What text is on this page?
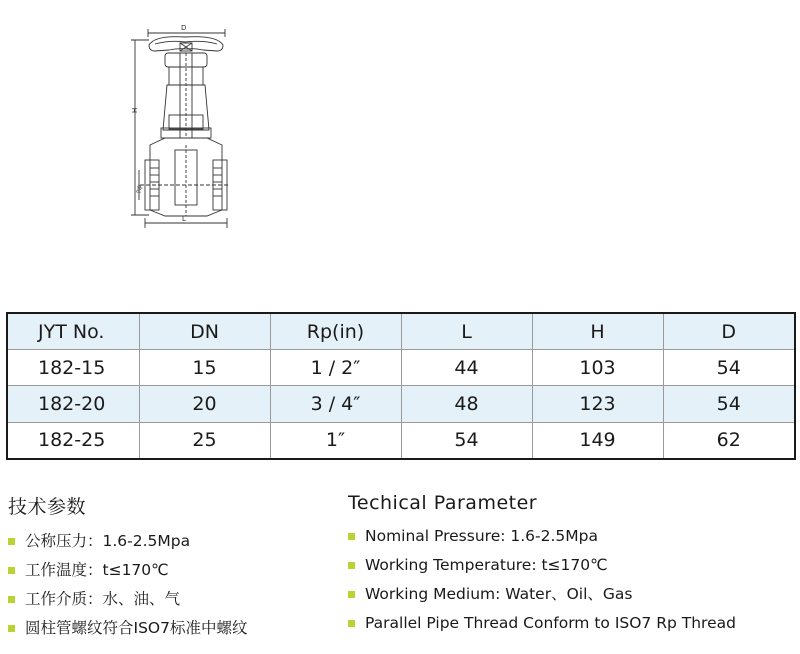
D
H
Rp
L
JYT No.	DN	Rp(in)	L	H	D
182-15	15	1 / 2″	44	103	54
182-20	20	3 / 4″	48	123	54
182-25	25	1″	54	149	62
技术参数
公称压力：1.6-2.5Mpa
工作温度：t≤170℃
工作介质：水、油、气
圆柱管螺纹符合ISO7标准中螺纹
Techical Parameter
Nominal Pressure: 1.6-2.5Mpa
Working Temperature: t≤170℃
Working Medium: Water、Oil、Gas
Parallel Pipe Thread Conform to ISO7 Rp Thread
